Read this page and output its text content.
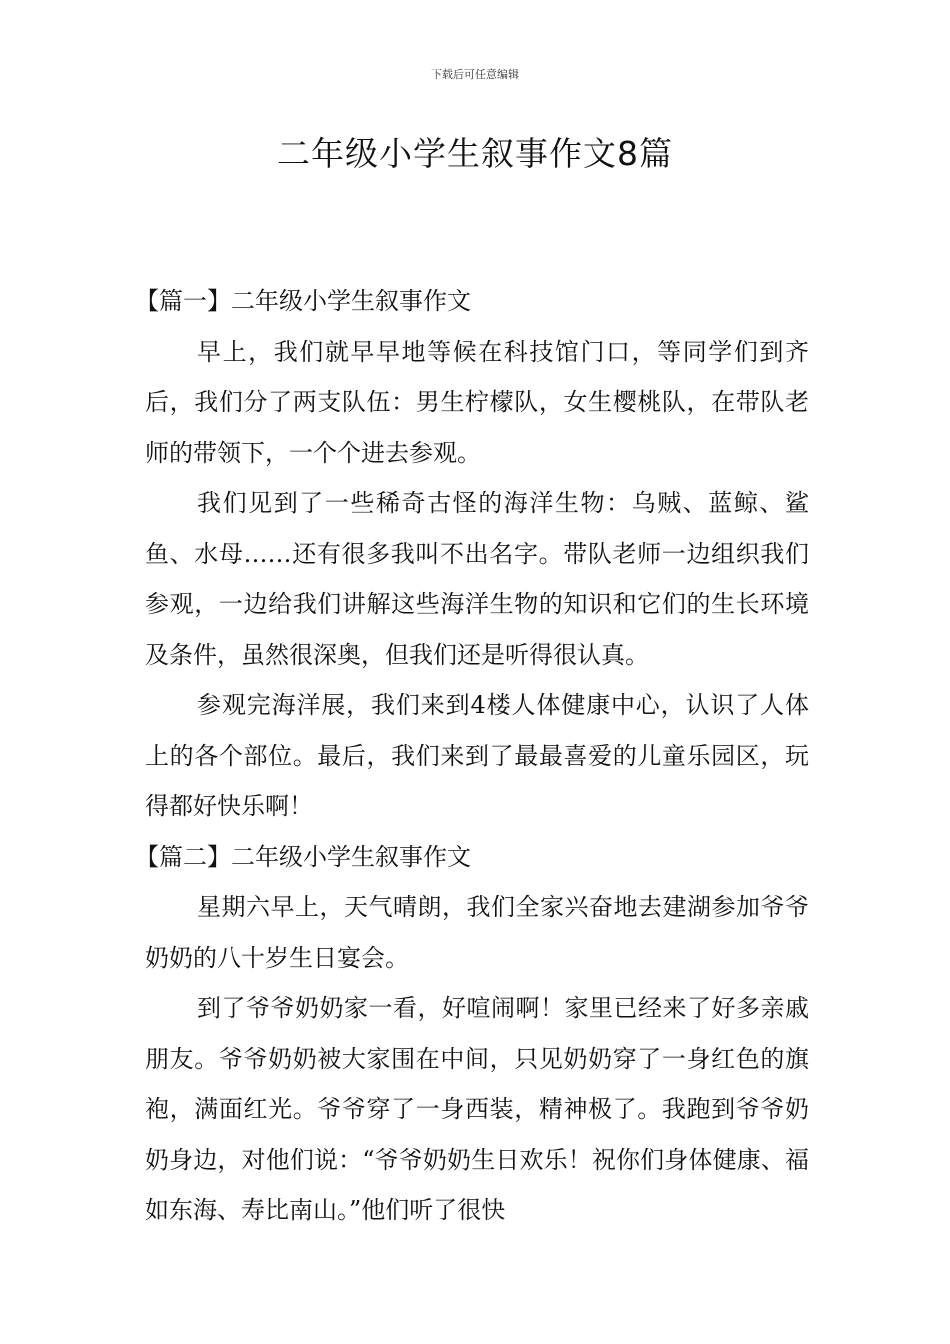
下载后可任意编辑
二年级小学生叙事作文8篇
【篇一】二年级小学生叙事作文

早上，我们就早早地等候在科技馆门口，等同学们到齐后，我们分了两支队伍：男生柠檬队，女生樱桃队，在带队老师的带领下，一个个进去参观。

我们见到了一些稀奇古怪的海洋生物：乌贼、蓝鲸、鲨鱼、水母……还有很多我叫不出名字。带队老师一边组织我们参观，一边给我们讲解这些海洋生物的知识和它们的生长环境及条件，虽然很深奥，但我们还是听得很认真。

参观完海洋展，我们来到4楼人体健康中心，认识了人体上的各个部位。最后，我们来到了最最喜爱的儿童乐园区，玩得都好快乐啊！

【篇二】二年级小学生叙事作文

星期六早上，天气晴朗，我们全家兴奋地去建湖参加爷爷奶奶的八十岁生日宴会。

到了爷爷奶奶家一看，好喧闹啊！家里已经来了好多亲戚朋友。爷爷奶奶被大家围在中间，只见奶奶穿了一身红色的旗袍，满面红光。爷爷穿了一身西装，精神极了。我跑到爷爷奶奶身边，对他们说：“爷爷奶奶生日欢乐！祝你们身体健康、福如东海、寿比南山。”他们听了很快
